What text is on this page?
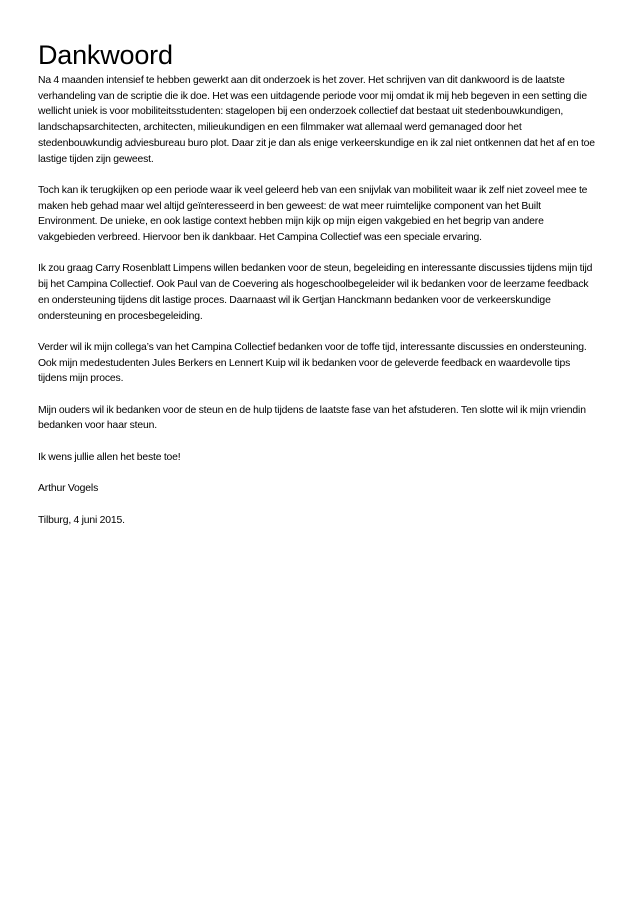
Dankwoord

Na 4 maanden intensief te hebben gewerkt aan dit onderzoek is het zover. Het schrijven van dit dankwoord is de laatste verhandeling van de scriptie die ik doe. Het was een uitdagende periode voor mij omdat ik mij heb begeven in een setting die wellicht uniek is voor mobiliteitsstudenten: stagelopen bij een onderzoek collectief dat bestaat uit stedenbouwkundigen, landschapsarchitecten, architecten, milieukundigen en een filmmaker wat allemaal werd gemanaged door het stedenbouwkundig adviesbureau buro plot. Daar zit je dan als enige verkeerskundige en ik zal niet ontkennen dat het af en toe lastige tijden zijn geweest.

Toch kan ik terugkijken op een periode waar ik veel geleerd heb van een snijvlak van mobiliteit waar ik zelf niet zoveel mee te maken heb gehad maar wel altijd geïnteresseerd in ben geweest: de wat meer ruimtelijke component van het Built Environment. De unieke, en ook lastige context hebben mijn kijk op mijn eigen vakgebied en het begrip van andere vakgebieden verbreed. Hiervoor ben ik dankbaar. Het Campina Collectief was een speciale ervaring.

Ik zou graag Carry Rosenblatt Limpens willen bedanken voor de steun, begeleiding en interessante discussies tijdens mijn tijd bij het Campina Collectief. Ook Paul van de Coevering als hogeschoolbegeleider wil ik bedanken voor de leerzame feedback en ondersteuning tijdens dit lastige proces. Daarnaast wil ik Gertjan Hanckmann bedanken voor de verkeerskundige ondersteuning en procesbegeleiding.

Verder wil ik mijn collega’s van het Campina Collectief bedanken voor de toffe tijd, interessante discussies en ondersteuning. Ook mijn medestudenten Jules Berkers en Lennert Kuip wil ik bedanken voor de geleverde feedback en waardevolle tips tijdens mijn proces.

Mijn ouders wil ik bedanken voor de steun en de hulp tijdens de laatste fase van het afstuderen. Ten slotte wil ik mijn vriendin bedanken voor haar steun.

Ik wens jullie allen het beste toe!

Arthur Vogels

Tilburg, 4 juni 2015.
